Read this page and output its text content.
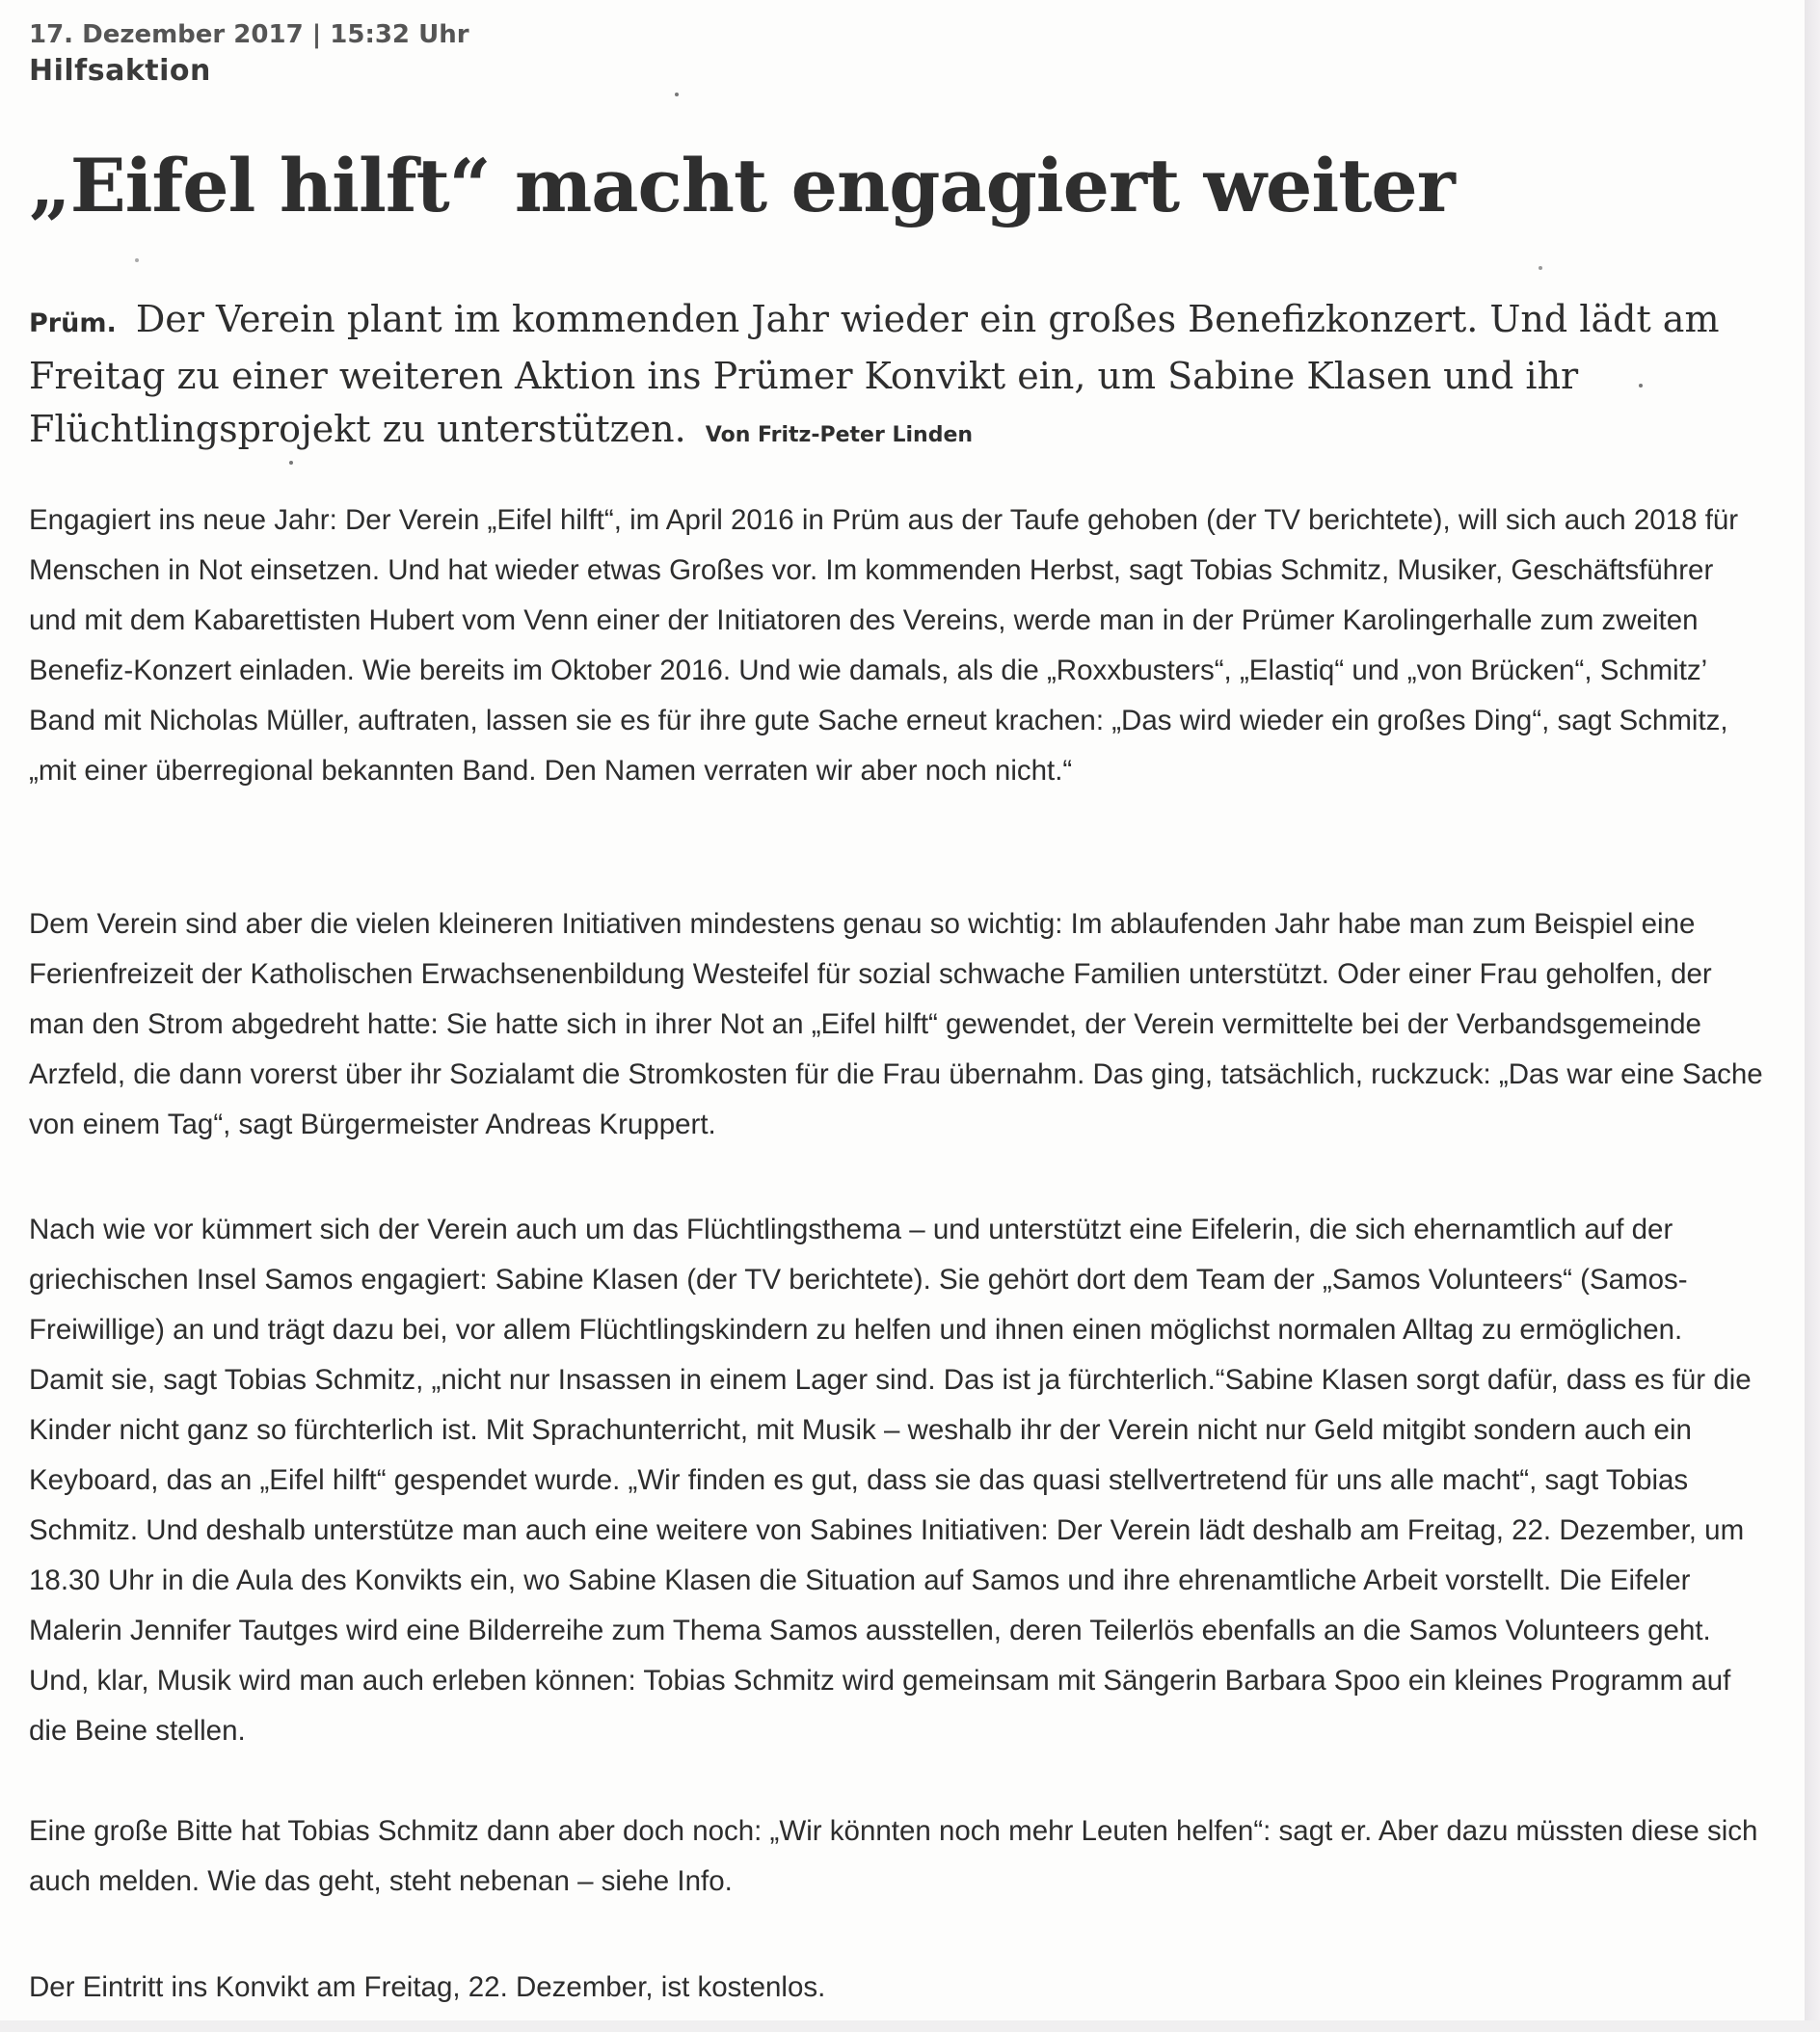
17. Dezember 2017 | 15:32 Uhr

Hilfsaktion

„Eifel hilft“ macht engagiert weiter

Prüm. Der Verein plant im kommenden Jahr wieder ein großes Benefizkonzert. Und lädt am Freitag zu einer weiteren Aktion ins Prümer Konvikt ein, um Sabine Klasen und ihr Flüchtlingsprojekt zu unterstützen. Von Fritz-Peter Linden

Engagiert ins neue Jahr: Der Verein „Eifel hilft“, im April 2016 in Prüm aus der Taufe gehoben (der TV berichtete), will sich auch 2018 für Menschen in Not einsetzen. Und hat wieder etwas Großes vor. Im kommenden Herbst, sagt Tobias Schmitz, Musiker, Geschäftsführer und mit dem Kabarettisten Hubert vom Venn einer der Initiatoren des Vereins, werde man in der Prümer Karolingerhalle zum zweiten Benefiz-Konzert einladen. Wie bereits im Oktober 2016. Und wie damals, als die „Roxxbusters“, „Elastiq“ und „von Brücken“, Schmitz’ Band mit Nicholas Müller, auftraten, lassen sie es für ihre gute Sache erneut krachen: „Das wird wieder ein großes Ding“, sagt Schmitz, „mit einer überregional bekannten Band. Den Namen verraten wir aber noch nicht.“

Dem Verein sind aber die vielen kleineren Initiativen mindestens genau so wichtig: Im ablaufenden Jahr habe man zum Beispiel eine Ferienfreizeit der Katholischen Erwachsenenbildung Westeifel für sozial schwache Familien unterstützt. Oder einer Frau geholfen, der man den Strom abgedreht hatte: Sie hatte sich in ihrer Not an „Eifel hilft“ gewendet, der Verein vermittelte bei der Verbandsgemeinde Arzfeld, die dann vorerst über ihr Sozialamt die Stromkosten für die Frau übernahm. Das ging, tatsächlich, ruckzuck: „Das war eine Sache von einem Tag“, sagt Bürgermeister Andreas Kruppert.

Nach wie vor kümmert sich der Verein auch um das Flüchtlingsthema – und unterstützt eine Eifelerin, die sich ehernamtlich auf der griechischen Insel Samos engagiert: Sabine Klasen (der TV berichtete). Sie gehört dort dem Team der „Samos Volunteers“ (Samos-Freiwillige) an und trägt dazu bei, vor allem Flüchtlingskindern zu helfen und ihnen einen möglichst normalen Alltag zu ermöglichen. Damit sie, sagt Tobias Schmitz, „nicht nur Insassen in einem Lager sind. Das ist ja fürchterlich.“Sabine Klasen sorgt dafür, dass es für die Kinder nicht ganz so fürchterlich ist. Mit Sprachunterricht, mit Musik – weshalb ihr der Verein nicht nur Geld mitgibt sondern auch ein Keyboard, das an „Eifel hilft“ gespendet wurde. „Wir finden es gut, dass sie das quasi stellvertretend für uns alle macht“, sagt Tobias Schmitz. Und deshalb unterstütze man auch eine weitere von Sabines Initiativen: Der Verein lädt deshalb am Freitag, 22. Dezember, um 18.30 Uhr in die Aula des Konvikts ein, wo Sabine Klasen die Situation auf Samos und ihre ehrenamtliche Arbeit vorstellt. Die Eifeler Malerin Jennifer Tautges wird eine Bilderreihe zum Thema Samos ausstellen, deren Teilerlös ebenfalls an die Samos Volunteers geht. Und, klar, Musik wird man auch erleben können: Tobias Schmitz wird gemeinsam mit Sängerin Barbara Spoo ein kleines Programm auf die Beine stellen.

Eine große Bitte hat Tobias Schmitz dann aber doch noch: „Wir könnten noch mehr Leuten helfen“: sagt er. Aber dazu müssten diese sich auch melden. Wie das geht, steht nebenan – siehe Info.

Der Eintritt ins Konvikt am Freitag, 22. Dezember, ist kostenlos.
